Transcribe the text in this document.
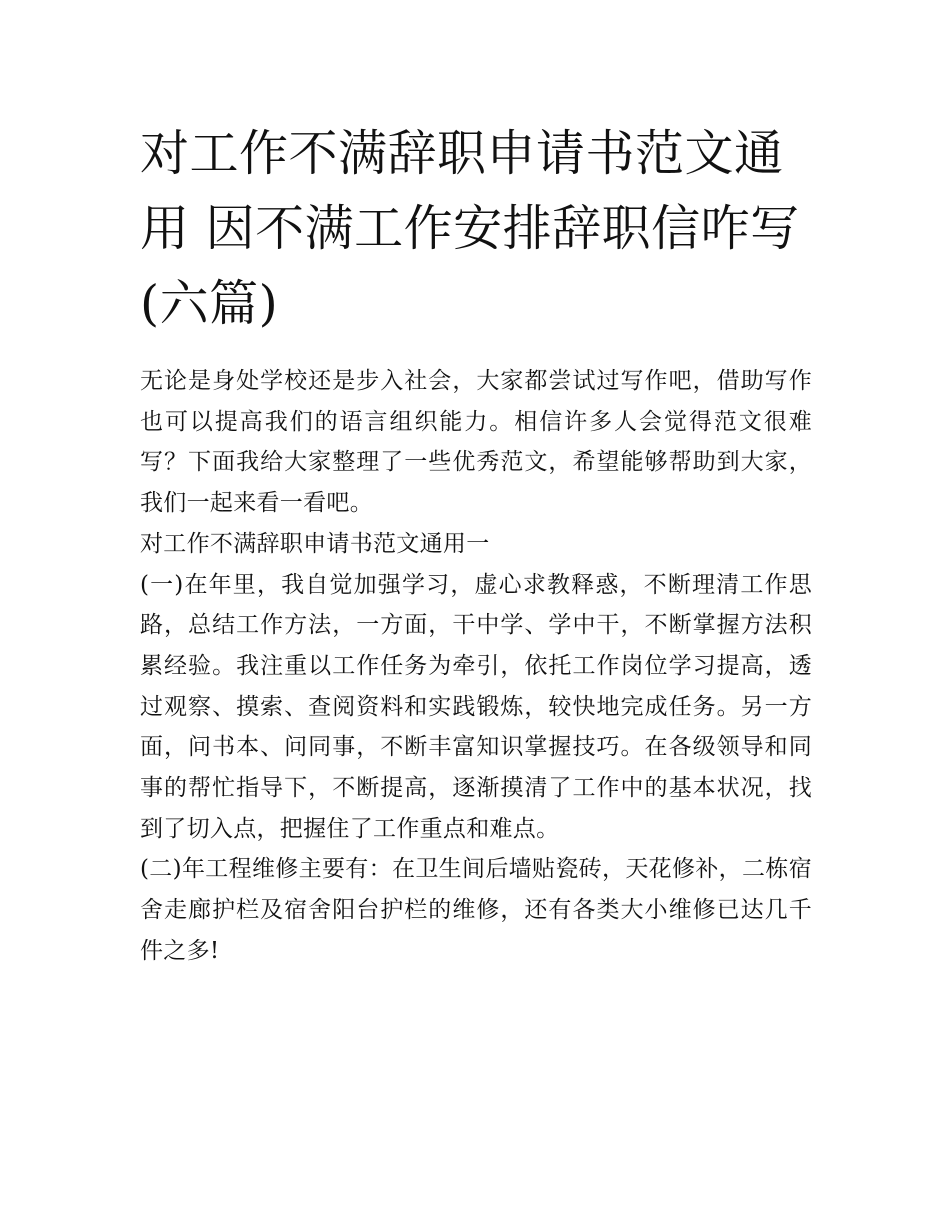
对工作不满辞职申请书范文通用 因不满工作安排辞职信咋写(六篇)

无论是身处学校还是步入社会，大家都尝试过写作吧，借助写作也可以提高我们的语言组织能力。相信许多人会觉得范文很难写？下面我给大家整理了一些优秀范文，希望能够帮助到大家，我们一起来看一看吧。

对工作不满辞职申请书范文通用一

(一)在年里，我自觉加强学习，虚心求教释惑，不断理清工作思路，总结工作方法，一方面，干中学、学中干，不断掌握方法积累经验。我注重以工作任务为牵引，依托工作岗位学习提高，透过观察、摸索、查阅资料和实践锻炼，较快地完成任务。另一方面，问书本、问同事，不断丰富知识掌握技巧。在各级领导和同事的帮忙指导下，不断提高，逐渐摸清了工作中的基本状况，找到了切入点，把握住了工作重点和难点。

(二)年工程维修主要有：在卫生间后墙贴瓷砖，天花修补，二栋宿舍走廊护栏及宿舍阳台护栏的维修，还有各类大小维修已达几千件之多!
